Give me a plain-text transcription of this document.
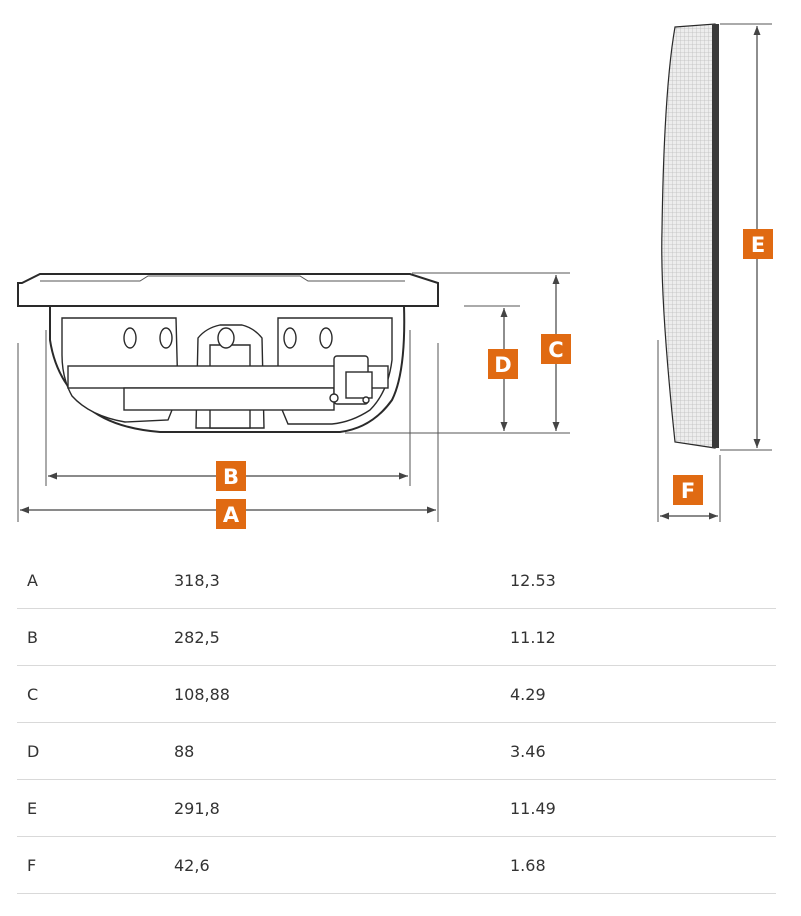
B
A
C
D
E
F
A	318,3	12.53
B	282,5	11.12
C	108,88	4.29
D	88	3.46
E	291,8	11.49
F	42,6	1.68
